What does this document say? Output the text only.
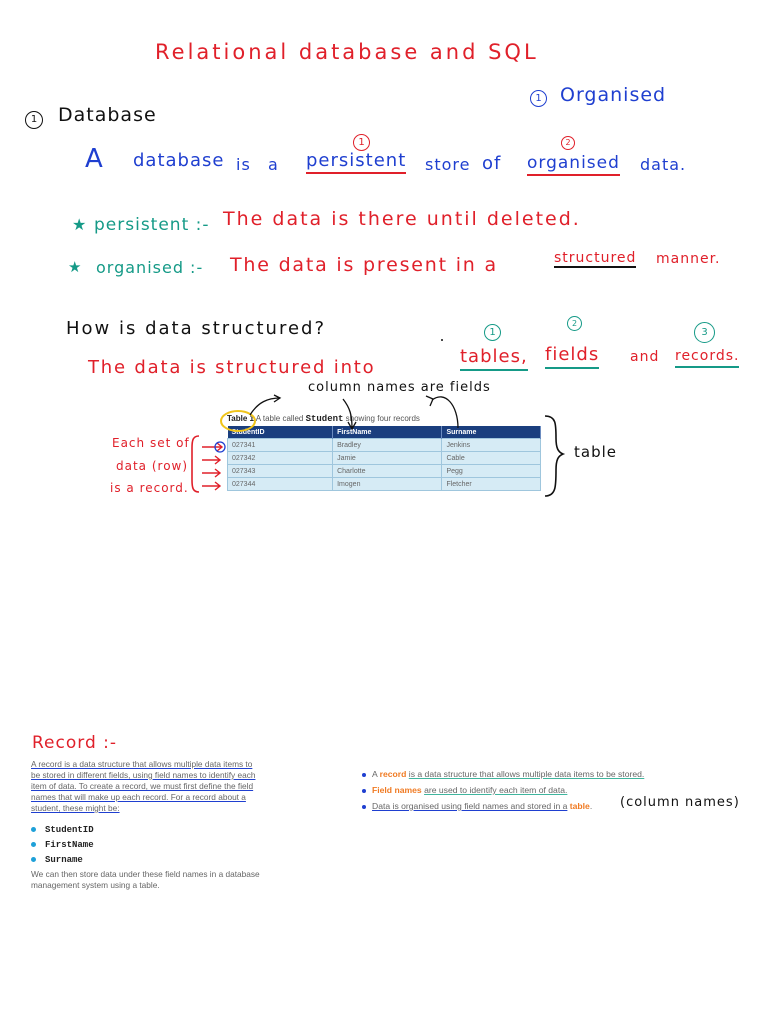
Relational database and SQL
1 Organised
1	Database
A database is a
1
persistent store of
2
organised data.
★ persistent :- The data is there until deleted.
★ organised :- The data is present in a	structured manner.
How is data structured?
The data is structured into
1
2
3
tables, fields and records.
column names are fields
Table 1 A table called Student showing four records
StudentID	FirstName	Surname
027341	Bradley	Jenkins
027342	Jamie	Cable
027343	Charlotte	Pegg
027344	Imogen	Fletcher
table
Each set of
data (row)
is a record.
Record :-
A record is a data structure that allows multiple data items to be stored in different fields, using field names to identify each item of data. To create a record, we must first define the field names that will make up each record. For a record about a student, these might be:
StudentID
FirstName
Surname
We can then store data under these field names in a database management system using a table.
A record is a data structure that allows multiple data items to be stored.
Field names are used to identify each item of data.
Data is organised using field names and stored in a table.	(column names)
